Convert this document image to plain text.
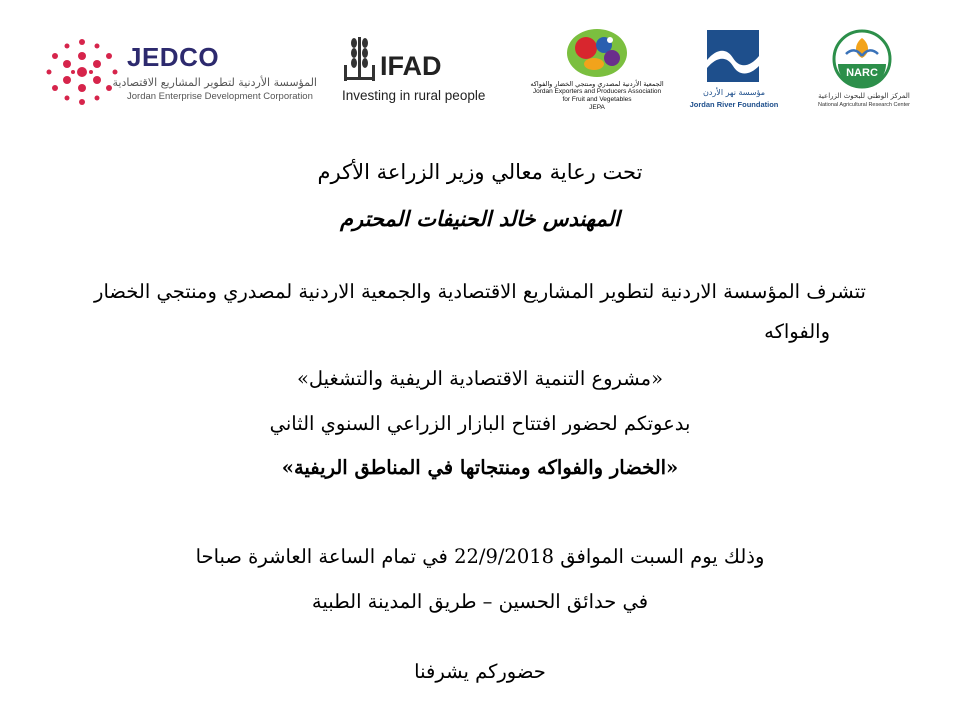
JEDCO
المؤسسة الأردنية لتطوير المشاريع الاقتصادية
Jordan Enterprise Development Corporation
IFAD
Investing in rural people
الجمعية الأردنية لمصدري ومنتجي الخضار والفواكه
Jordan Exporters and Producers Association
for Fruit and Vegetables
JEPA
مؤسسة نهر الأردن
Jordan River Foundation
NARC
المركز الوطني للبحوث الزراعية
National Agricultural Research Center
تحت رعاية معالي وزير الزراعة الأكرم
المهندس خالد الحنيفات المحترم
تتشرف المؤسسة الاردنية لتطوير المشاريع الاقتصادية والجمعية الاردنية لمصدري ومنتجي الخضار
والفواكه
«مشروع التنمية الاقتصادية الريفية والتشغيل»
بدعوتكم لحضور افتتاح البازار الزراعي السنوي الثاني
«الخضار والفواكه ومنتجاتها في المناطق الريفية»
وذلك يوم السبت الموافق 22/9/2018 في تمام الساعة العاشرة صباحا
في حدائق الحسين – طريق المدينة الطبية
حضوركم يشرفنا
